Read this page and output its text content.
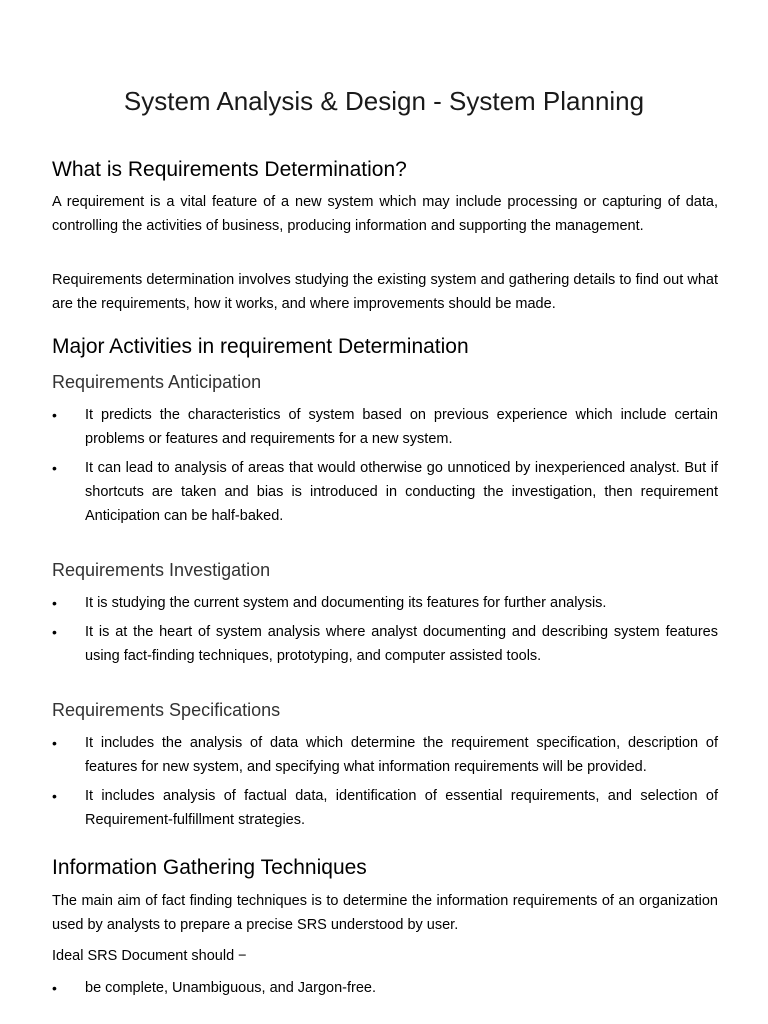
System Analysis & Design - System Planning
What is Requirements Determination?

A requirement is a vital feature of a new system which may include processing or capturing of data, controlling the activities of business, producing information and supporting the management.

Requirements determination involves studying the existing system and gathering details to find out what are the requirements, how it works, and where improvements should be made.

Major Activities in requirement Determination
Requirements Anticipation
•	It predicts the characteristics of system based on previous experience which include certain problems or features and requirements for a new system.
•	It can lead to analysis of areas that would otherwise go unnoticed by inexperienced analyst. But if shortcuts are taken and bias is introduced in conducting the investigation, then requirement Anticipation can be half-baked.
Requirements Investigation
•	It is studying the current system and documenting its features for further analysis.
•	It is at the heart of system analysis where analyst documenting and describing system features using fact-finding techniques, prototyping, and computer assisted tools.
Requirements Specifications
•	It includes the analysis of data which determine the requirement specification, description of features for new system, and specifying what information requirements will be provided.
•	It includes analysis of factual data, identification of essential requirements, and selection of Requirement-fulfillment strategies.
Information Gathering Techniques

The main aim of fact finding techniques is to determine the information requirements of an organization used by analysts to prepare a precise SRS understood by user.

Ideal SRS Document should −

•	be complete, Unambiguous, and Jargon-free.
